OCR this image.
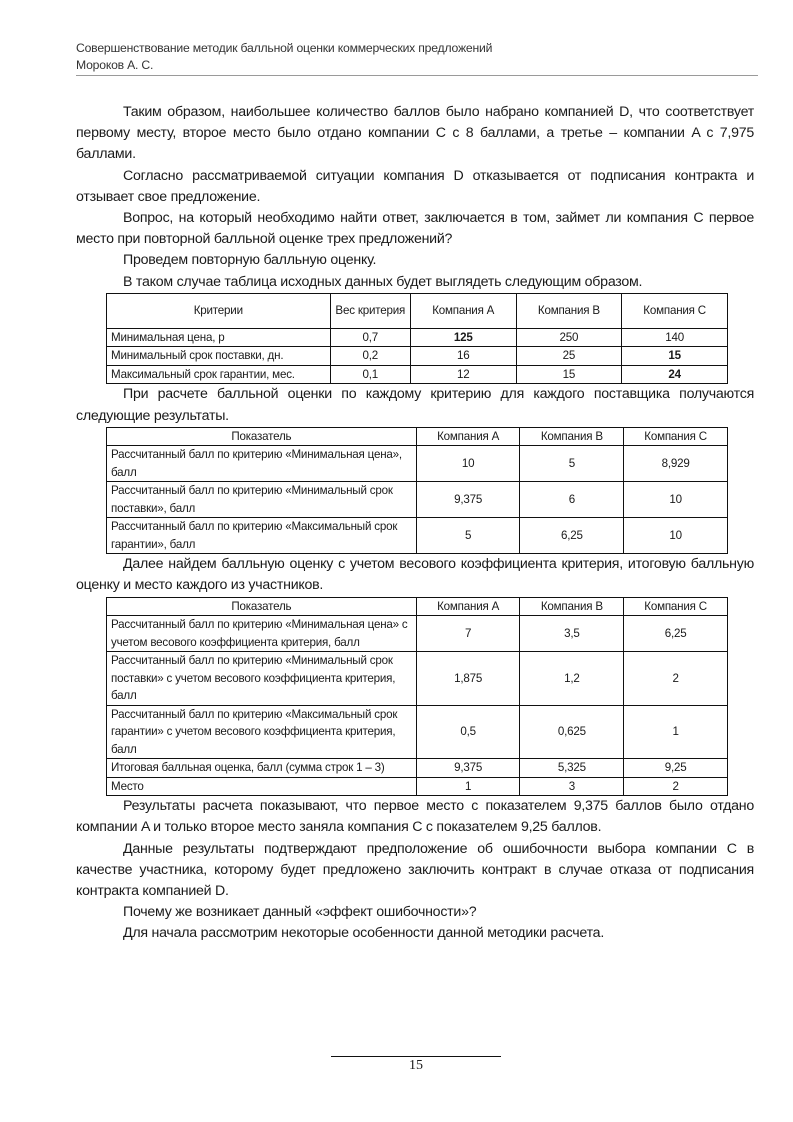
Совершенствование методик балльной оценки коммерческих предложений
Мороков А. С.

Таким образом, наибольшее количество баллов было набрано компанией D, что соответствует первому месту, второе место было отдано компании C с 8 баллами, а третье – компании A с 7,975 баллами.

Согласно рассматриваемой ситуации компания D отказывается от подписания контракта и отзывает свое предложение.

Вопрос, на который необходимо найти ответ, заключается в том, займет ли компания C первое место при повторной балльной оценке трех предложений?

Проведем повторную балльную оценку.

В таком случае таблица исходных данных будет выглядеть следующим образом.

Критерии	Вес критерия	Компания A	Компания B	Компания C
Минимальная цена, р	0,7	125	250	140
Минимальный срок поставки, дн.	0,2	16	25	15
Максимальный срок гарантии, мес.	0,1	12	15	24

При расчете балльной оценки по каждому критерию для каждого поставщика получаются следующие результаты.

Показатель	Компания A	Компания B	Компания C
Рассчитанный балл по критерию «Минимальная цена», балл	10	5	8,929
Рассчитанный балл по критерию «Минимальный срок поставки», балл	9,375	6	10
Рассчитанный балл по критерию «Максимальный срок гарантии», балл	5	6,25	10

Далее найдем балльную оценку с учетом весового коэффициента критерия, итоговую балльную оценку и место каждого из участников.

Показатель	Компания A	Компания B	Компания C
Рассчитанный балл по критерию «Минимальная цена» с учетом весового коэффициента критерия, балл	7	3,5	6,25
Рассчитанный балл по критерию «Минимальный срок поставки» с учетом весового коэффициента критерия, балл	1,875	1,2	2
Рассчитанный балл по критерию «Максимальный срок гарантии» с учетом весового коэффициента критерия, балл	0,5	0,625	1
Итоговая балльная оценка, балл (сумма строк 1 – 3)	9,375	5,325	9,25
Место	1	3	2

Результаты расчета показывают, что первое место с показателем 9,375 баллов было отдано компании A и только второе место заняла компания C с показателем 9,25 баллов.

Данные результаты подтверждают предположение об ошибочности выбора компании C в качестве участника, которому будет предложено заключить контракт в случае отказа от подписания контракта компанией D.

Почему же возникает данный «эффект ошибочности»?

Для начала рассмотрим некоторые особенности данной методики расчета.

15
